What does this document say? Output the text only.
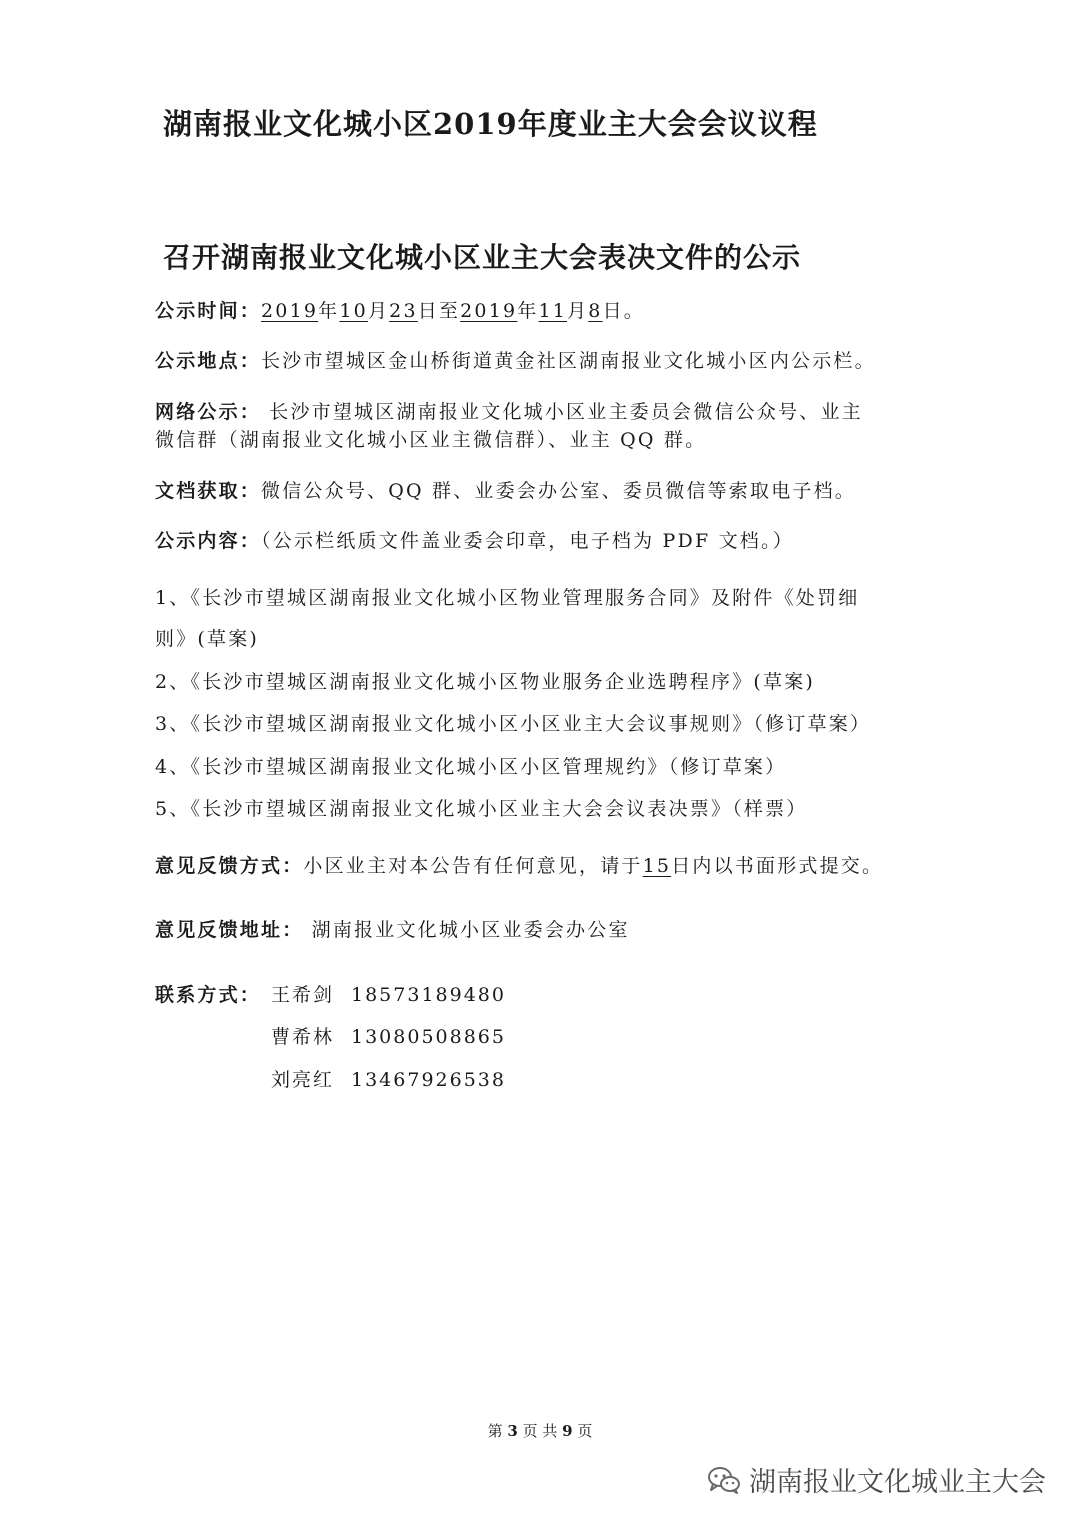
湖南报业文化城小区2019年度业主大会会议议程
召开湖南报业文化城小区业主大会表决文件的公示
公示时间：2019年10月23日至2019年11月8日。
公示地点：长沙市望城区金山桥街道黄金社区湖南报业文化城小区内公示栏。
网络公示： 长沙市望城区湖南报业文化城小区业主委员会微信公众号、业主
微信群（湖南报业文化城小区业主微信群）、业主 QQ 群。
文档获取：微信公众号、QQ 群、业委会办公室、委员微信等索取电子档。
公示内容：（公示栏纸质文件盖业委会印章，电子档为 PDF 文档。）
1、《长沙市望城区湖南报业文化城小区物业管理服务合同》及附件《处罚细
则》(草案)
2、《长沙市望城区湖南报业文化城小区物业服务企业选聘程序》(草案)
3、《长沙市望城区湖南报业文化城小区小区业主大会议事规则》（修订草案）
4、《长沙市望城区湖南报业文化城小区小区管理规约》（修订草案）
5、《长沙市望城区湖南报业文化城小区业主大会会议表决票》（样票）
意见反馈方式：小区业主对本公告有任何意见，请于15日内以书面形式提交。
意见反馈地址： 湖南报业文化城小区业委会办公室
联系方式： 王希剑 18573189480
曹希林 13080508865
刘亮红 13467926538
第 3 页 共 9 页
湖南报业文化城业主大会
